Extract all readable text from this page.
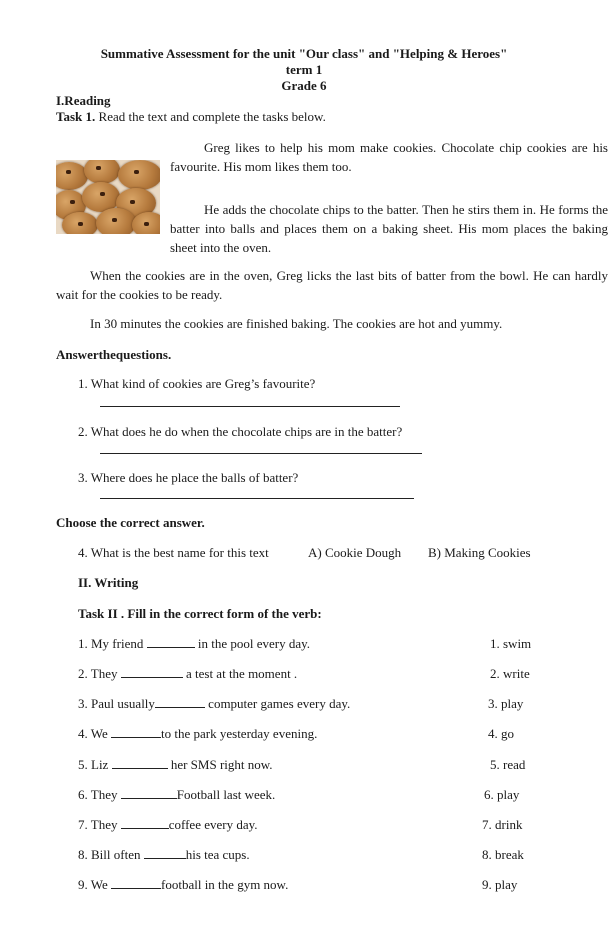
Summative Assessment for the unit "Our class" and "Helping & Heroes"
term 1
Grade 6
I.Reading
Task 1. Read the text and complete the tasks below.
Greg likes to help his mom make cookies. Chocolate chip cookies are his favourite. His mom likes them too.
He adds the chocolate chips to the batter. Then he stirs them in. He forms the batter into balls and places them on a baking sheet. His mom places the baking sheet into the oven.
When the cookies are in the oven, Greg licks the last bits of batter from the bowl. He can hardly wait for the cookies to be ready.
In 30 minutes the cookies are finished baking. The cookies are hot and yummy.
Answerthequestions.
1. What kind of cookies are Greg’s favourite?
2. What does he do when the chocolate chips are in the batter?
3. Where does he place the balls of batter?
Choose the correct answer.
4. What is the best name for this text	A) Cookie Dough B) Making Cookies
II. Writing
Task II . Fill in the correct form of the verb:
1. My friend	in the pool every day.	1. swim
2. They	a test at the moment .	2. write
3. Paul usually	computer games every day.	3. play
4. We	to the park yesterday evening.	4. go
5. Liz	her SMS right now.	5. read
6. They	Football last week.	6. play
7. They	coffee every day.	7. drink
8. Bill often	his tea cups.	8. break
9. We	football in the gym now.	9. play
